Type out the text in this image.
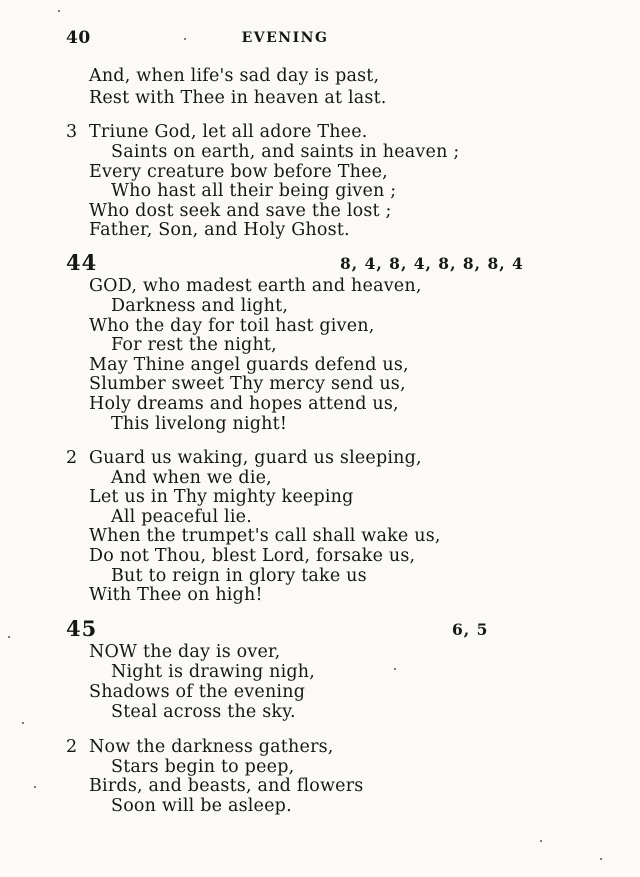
40	EVENING
And, when life's sad day is past,
Rest with Thee in heaven at last.
3 Triune God, let all adore Thee.
Saints on earth, and saints in heaven ;
Every creature bow before Thee,
Who hast all their being given ;
Who dost seek and save the lost ;
Father, Son, and Holy Ghost.
44	8, 4, 8, 4, 8, 8, 8, 4
GOD, who madest earth and heaven,
Darkness and light,
Who the day for toil hast given,
For rest the night,
May Thine angel guards defend us,
Slumber sweet Thy mercy send us,
Holy dreams and hopes attend us,
This livelong night!
2 Guard us waking, guard us sleeping,
And when we die,
Let us in Thy mighty keeping
All peaceful lie.
When the trumpet's call shall wake us,
Do not Thou, blest Lord, forsake us,
But to reign in glory take us
With Thee on high!
45	6, 5
NOW the day is over,
Night is drawing nigh,
Shadows of the evening
Steal across the sky.
2 Now the darkness gathers,
Stars begin to peep,
Birds, and beasts, and flowers
Soon will be asleep.
